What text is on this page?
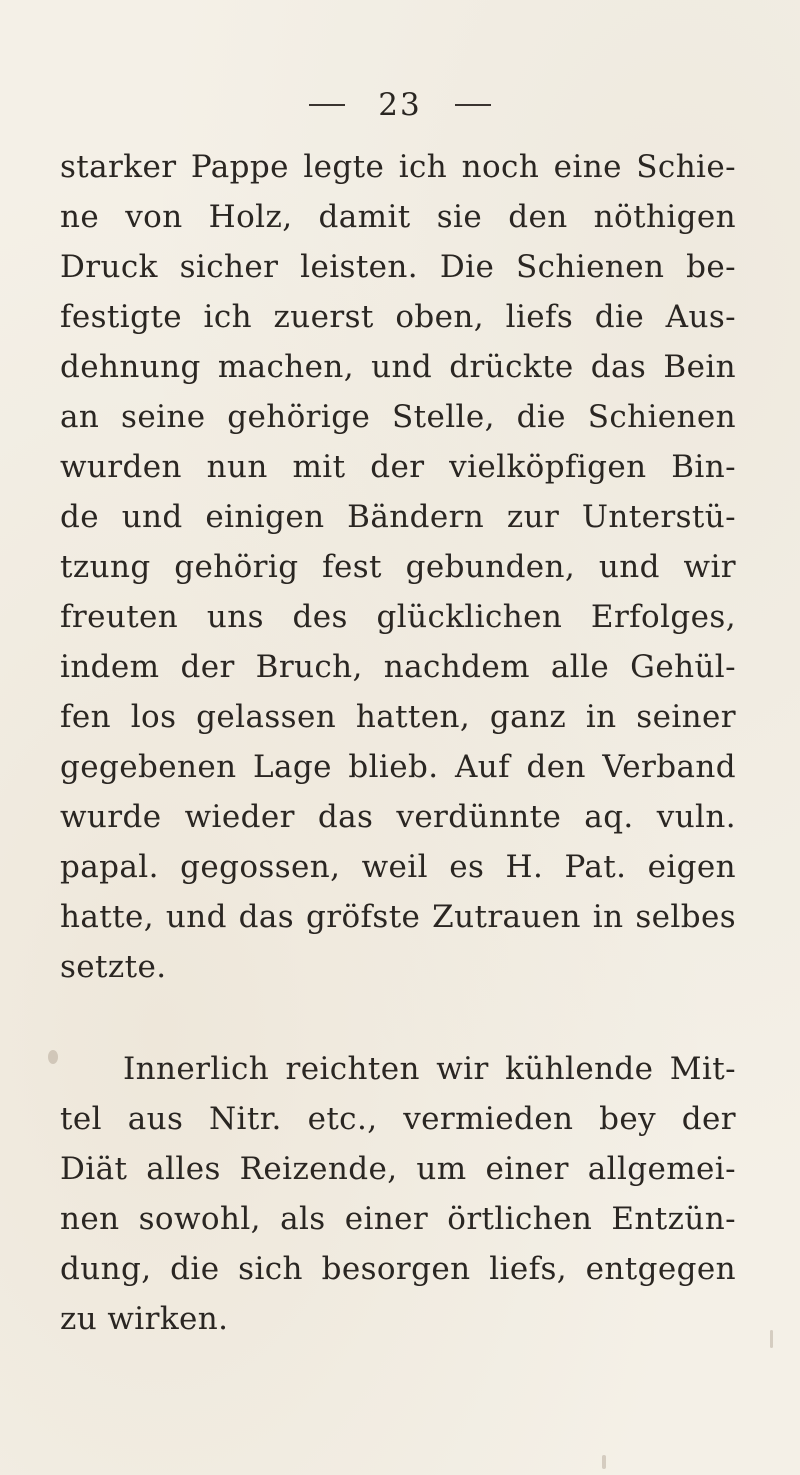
23
starker Pappe legte ich noch eine Schie-
ne von Holz, damit sie den nöthigen
Druck sicher leisten. Die Schienen be-
festigte ich zuerst oben, liefs die Aus-
dehnung machen, und drückte das Bein
an seine gehörige Stelle, die Schienen
wurden nun mit der vielköpfigen Bin-
de und einigen Bändern zur Unterstü-
tzung gehörig fest gebunden, und wir
freuten uns des glücklichen Erfolges,
indem der Bruch, nachdem alle Gehül-
fen los gelassen hatten, ganz in seiner
gegebenen Lage blieb. Auf den Verband
wurde wieder das verdünnte aq. vuln.
papal. gegossen, weil es H. Pat. eigen
hatte, und das gröfste Zutrauen in selbes
setzte.
Innerlich reichten wir kühlende Mit-
tel aus Nitr. etc., vermieden bey der
Diät alles Reizende, um einer allgemei-
nen sowohl, als einer örtlichen Entzün-
dung, die sich besorgen liefs, entgegen
zu wirken.
